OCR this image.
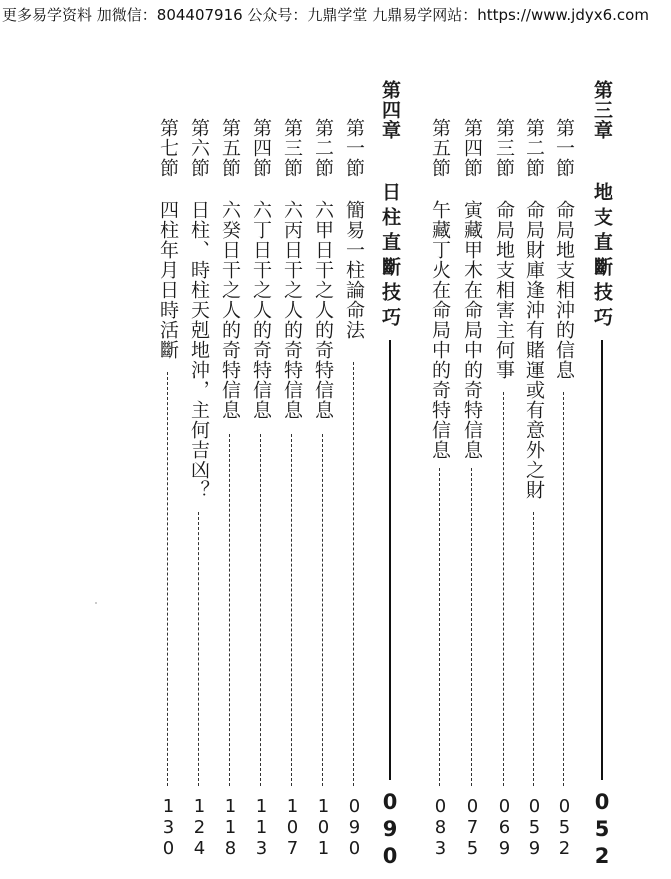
更多易学资料 加微信：804407916 公众号：九鼎学堂 九鼎易学网站：https://www.jdyx6.com
第三章
地支直斷技巧
052
第一節
命局地支相沖的信息
052
第二節
命局財庫逢沖有賭運或有意外之財
059
第三節
命局地支相害主何事
069
第四節
寅藏甲木在命局中的奇特信息
075
第五節
午藏丁火在命局中的奇特信息
083
第四章
日柱直斷技巧
090
第一節
簡易一柱論命法
090
第二節
六甲日干之人的奇特信息
101
第三節
六丙日干之人的奇特信息
107
第四節
六丁日干之人的奇特信息
113
第五節
六癸日干之人的奇特信息
118
第六節
日柱、時柱天剋地沖，主何吉凶？
124
第七節
四柱年月日時活斷
130
